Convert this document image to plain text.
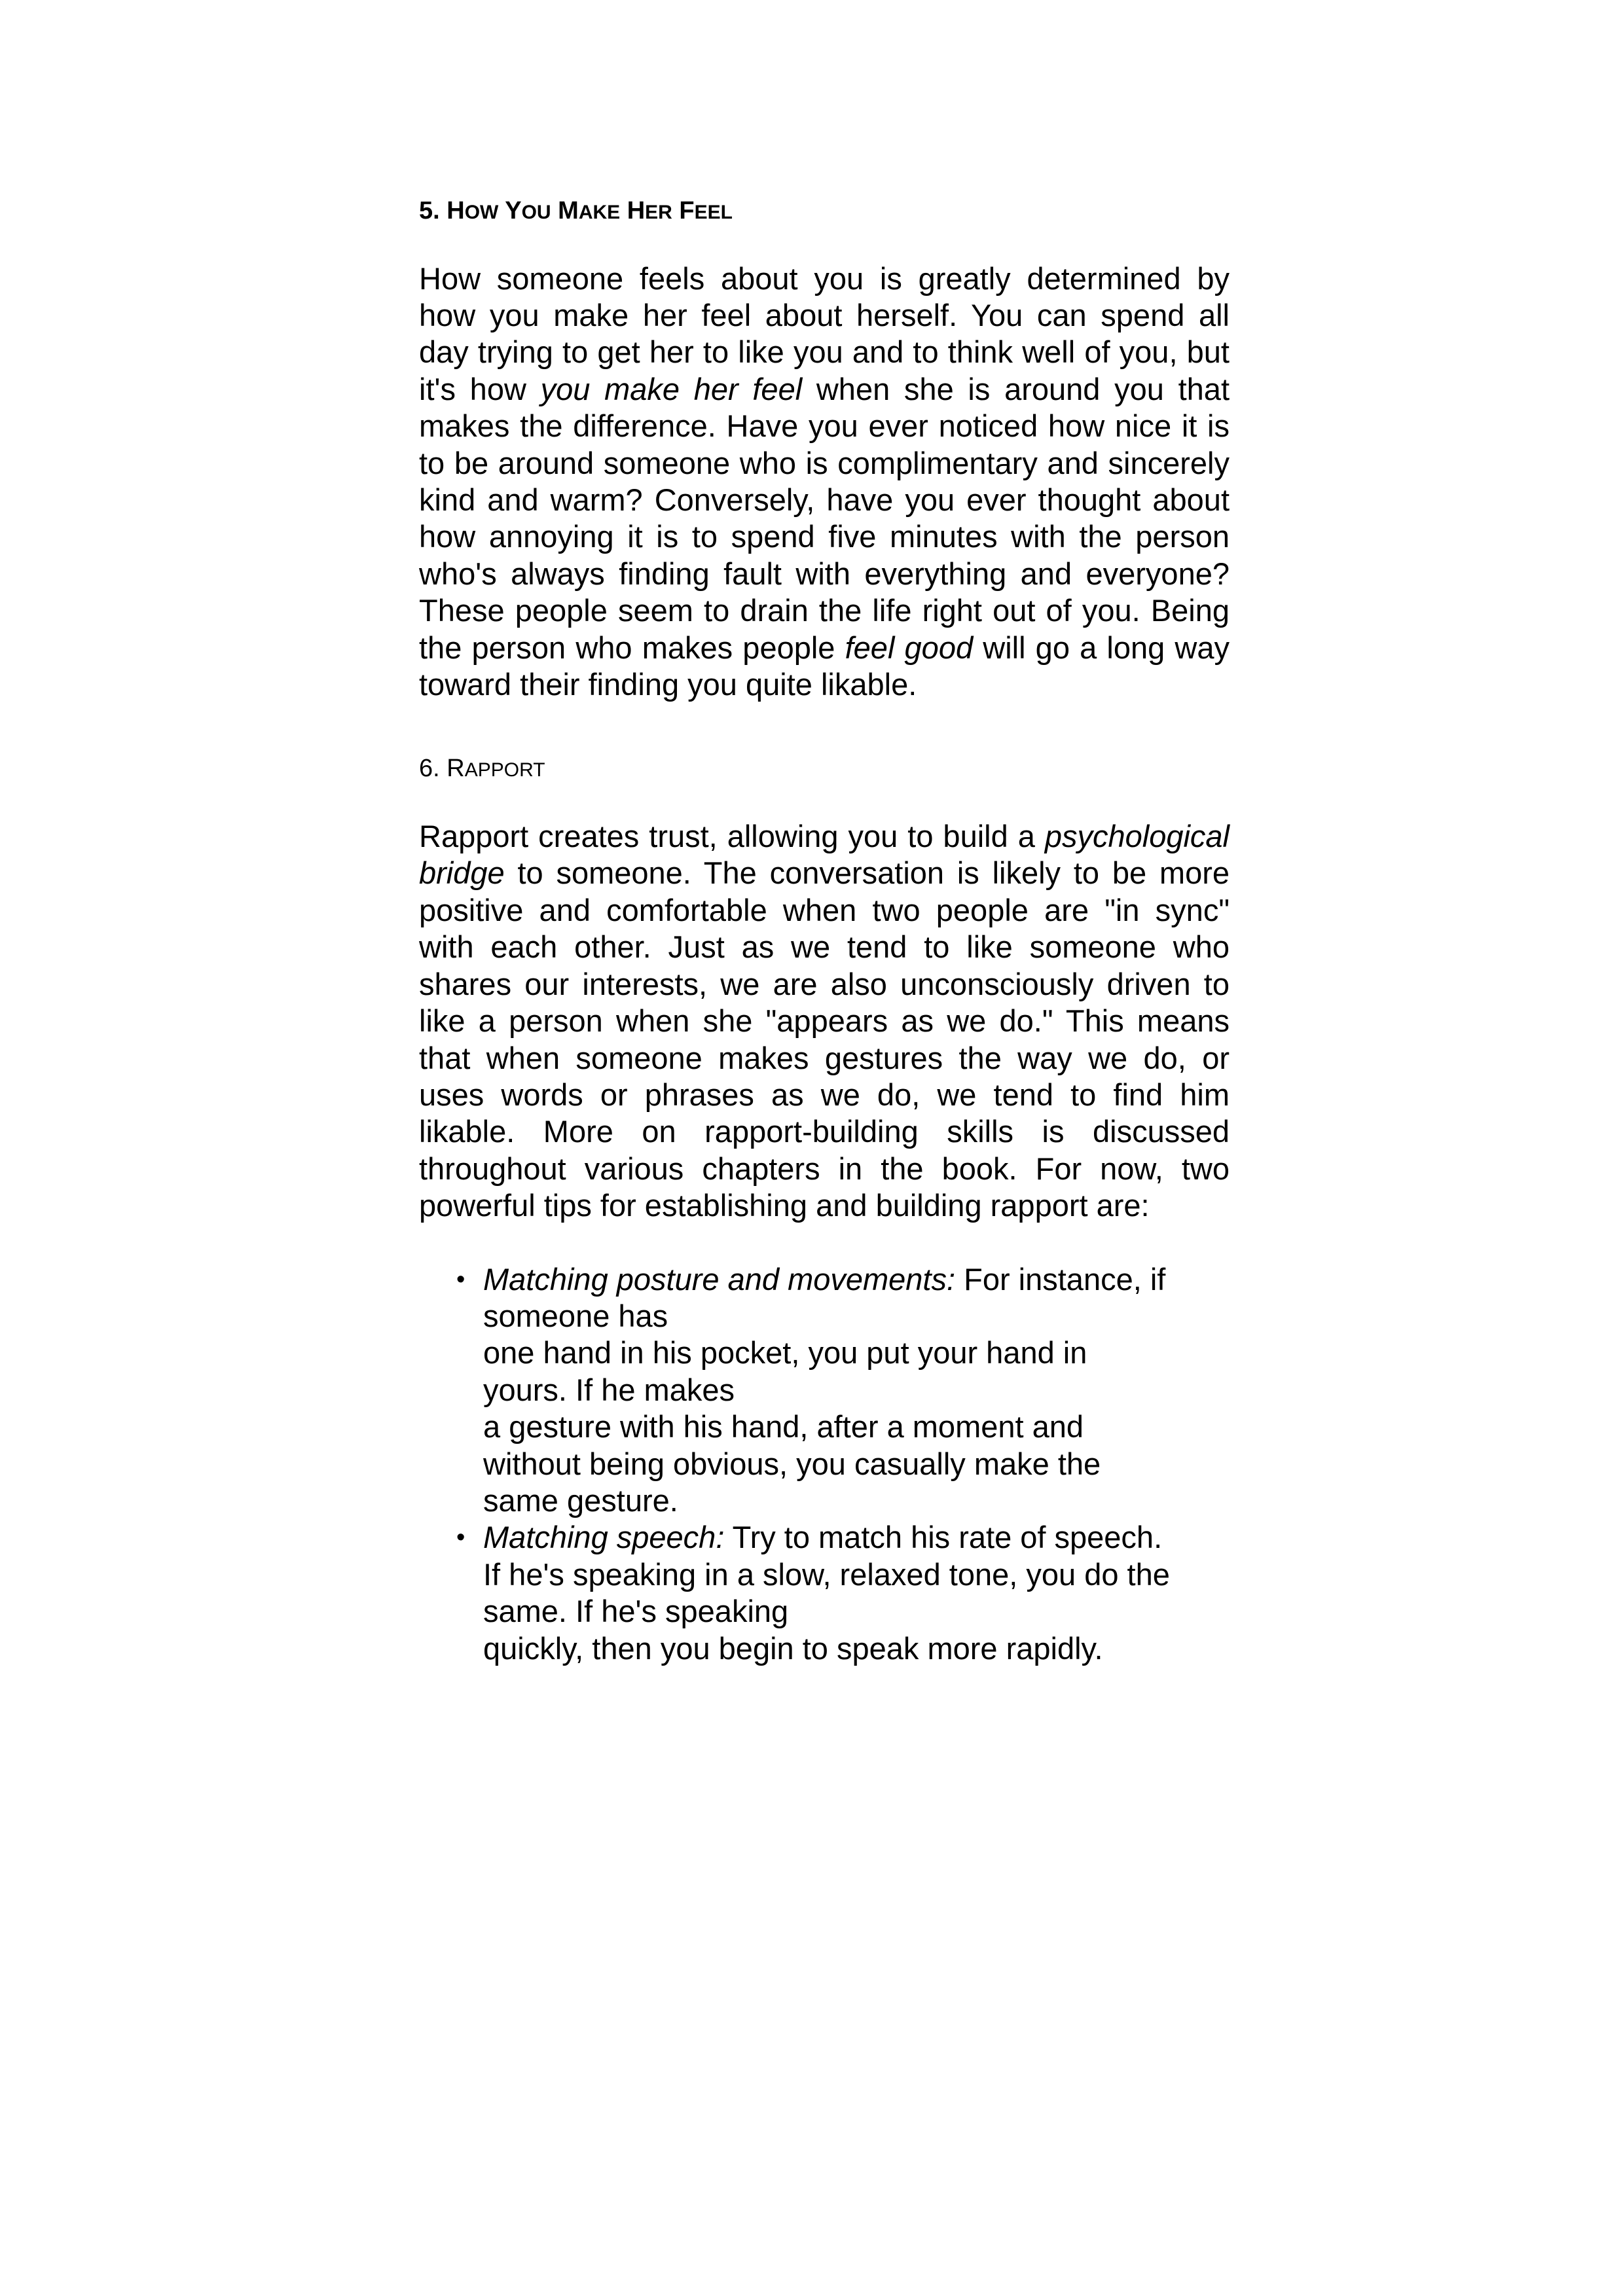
5. HOW YOU MAKE HER FEEL

How someone feels about you is greatly determined by how you make her feel about herself. You can spend all day trying to get her to like you and to think well of you, but it's how you make her feel when she is around you that makes the difference. Have you ever noticed how nice it is to be around someone who is complimentary and sincerely kind and warm? Conversely, have you ever thought about how annoying it is to spend five minutes with the person who's always finding fault with everything and everyone? These people seem to drain the life right out of you. Being the person who makes people feel good will go a long way toward their finding you quite likable.

6. RAPPORT

Rapport creates trust, allowing you to build a psychological bridge to someone. The conversation is likely to be more positive and comfortable when two people are "in sync" with each other. Just as we tend to like someone who shares our interests, we are also unconsciously driven to like a person when she "appears as we do." This means that when someone makes gestures the way we do, or uses words or phrases as we do, we tend to find him likable. More on rapport-building skills is discussed throughout various chapters in the book. For now, two powerful tips for establishing and building rapport are:

• Matching posture and movements: For instance, if someone has
one hand in his pocket, you put your hand in yours. If he makes
a gesture with his hand, after a moment and without being obvious, you casually make the same gesture.
• Matching speech: Try to match his rate of speech. If he's speaking in a slow, relaxed tone, you do the same. If he's speaking
quickly, then you begin to speak more rapidly.
